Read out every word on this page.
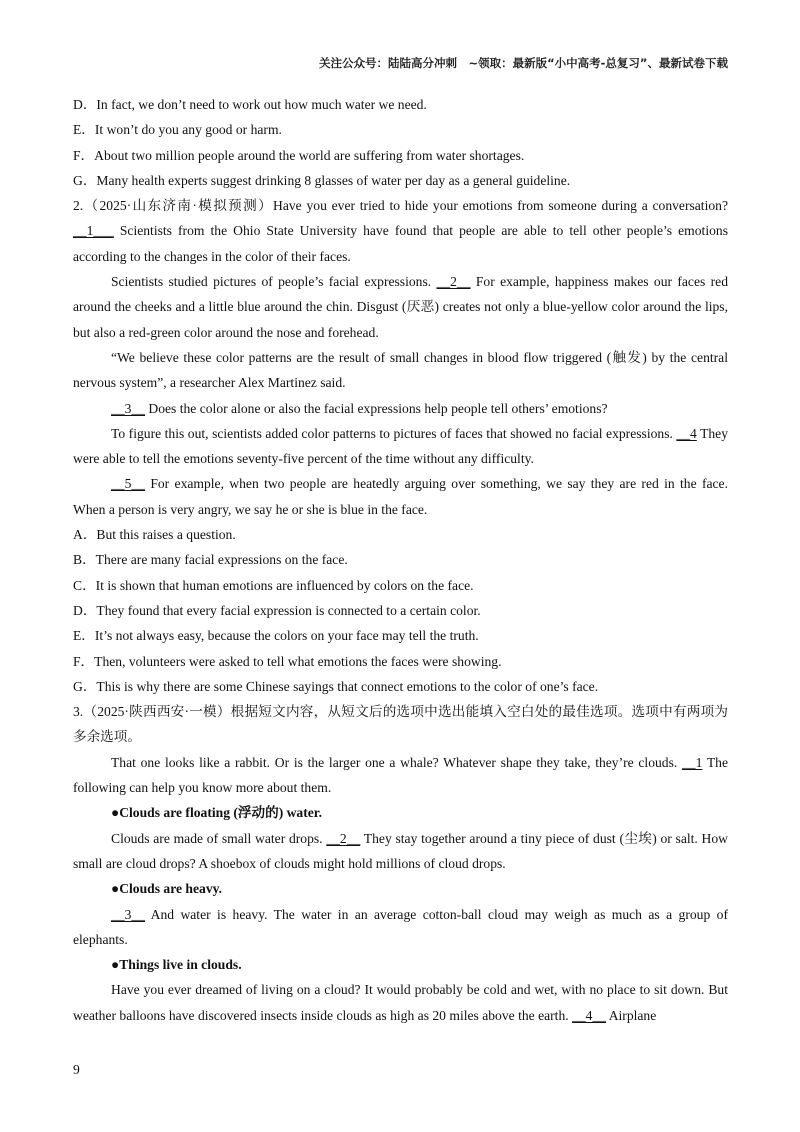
关注公众号：陆陆高分冲刺　~领取：最新版“小中高考-总复习”、最新试卷下载

D．In fact, we don’t need to work out how much water we need.

E．It won’t do you any good or harm.

F．About two million people around the world are suffering from water shortages.

G．Many health experts suggest drinking 8 glasses of water per day as a general guideline.

2.（2025·山东济南·模拟预测）Have you ever tried to hide your emotions from someone during a conversation? __1___ Scientists from the Ohio State University have found that people are able to tell other people’s emotions according to the changes in the color of their faces.

Scientists studied pictures of people’s facial expressions. __2__ For example, happiness makes our faces red around the cheeks and a little blue around the chin. Disgust (厌恶) creates not only a blue-yellow color around the lips, but also a red-green color around the nose and forehead.

“We believe these color patterns are the result of small changes in blood flow triggered (触发) by the central nervous system”, a researcher Alex Martinez said.

__3__ Does the color alone or also the facial expressions help people tell others’ emotions?

To figure this out, scientists added color patterns to pictures of faces that showed no facial expressions. __4 They were able to tell the emotions seventy-five percent of the time without any difficulty.

__5__ For example, when two people are heatedly arguing over something, we say they are red in the face. When a person is very angry, we say he or she is blue in the face.

A．But this raises a question.

B．There are many facial expressions on the face.

C．It is shown that human emotions are influenced by colors on the face.

D．They found that every facial expression is connected to a certain color.

E．It’s not always easy, because the colors on your face may tell the truth.

F．Then, volunteers were asked to tell what emotions the faces were showing.

G．This is why there are some Chinese sayings that connect emotions to the color of one’s face.

3.（2025·陕西西安·一模）根据短文内容，从短文后的选项中选出能填入空白处的最佳选项。选项中有两项为多余选项。

That one looks like a rabbit. Or is the larger one a whale? Whatever shape they take, they’re clouds. __1 The following can help you know more about them.

●Clouds are floating (浮动的) water.

Clouds are made of small water drops. __2__ They stay together around a tiny piece of dust (尘埃) or salt. How small are cloud drops? A shoebox of clouds might hold millions of cloud drops.

●Clouds are heavy.

__3__ And water is heavy. The water in an average cotton-ball cloud may weigh as much as a group of elephants.

●Things live in clouds.

Have you ever dreamed of living on a cloud? It would probably be cold and wet, with no place to sit down. But weather balloons have discovered insects inside clouds as high as 20 miles above the earth. __4__ Airplane

9
